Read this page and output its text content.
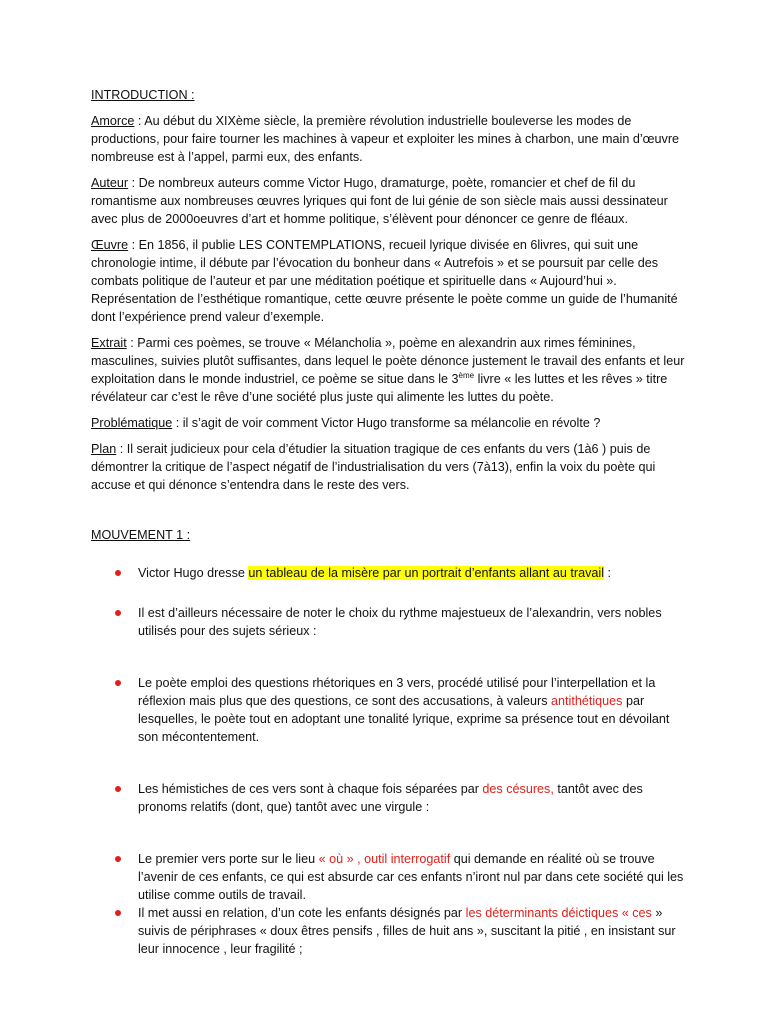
INTRODUCTION :

Amorce : Au début du XIXème siècle, la première révolution industrielle bouleverse les modes de productions, pour faire tourner les machines à vapeur et exploiter les mines à charbon, une main d’œuvre nombreuse est à l’appel, parmi eux, des enfants.

Auteur : De nombreux auteurs comme Victor Hugo, dramaturge, poète, romancier et chef de fil du romantisme aux nombreuses œuvres lyriques qui font de lui génie de son siècle mais aussi dessinateur avec plus de 2000oeuvres d’art et homme politique, s’élèvent pour dénoncer ce genre de fléaux.

Œuvre : En 1856, il publie LES CONTEMPLATIONS, recueil lyrique divisée en 6livres, qui suit une chronologie intime, il débute par l’évocation du bonheur dans « Autrefois » et se poursuit par celle des combats politique de l’auteur et par une méditation poétique et spirituelle dans « Aujourd’hui ». Représentation de l’esthétique romantique, cette œuvre présente le poète comme un guide de l’humanité dont l’expérience prend valeur d’exemple.

Extrait : Parmi ces poèmes, se trouve « Mélancholia », poème en alexandrin aux rimes féminines, masculines, suivies plutôt suffisantes, dans lequel le poète dénonce justement le travail des enfants et leur exploitation dans le monde industriel, ce poème se situe dans le 3ème livre « les luttes et les rêves » titre révélateur car c’est le rêve d’une société plus juste qui alimente les luttes du poète.

Problématique : il s’agit de voir comment Victor Hugo transforme sa mélancolie en révolte ?

Plan : Il serait judicieux pour cela d’étudier la situation tragique de ces enfants du vers (1à6 ) puis de démontrer la critique de l’aspect négatif de l’industrialisation du vers (7à13), enfin la voix du poète qui accuse et qui dénonce s’entendra dans le reste des vers.

MOUVEMENT 1 :
Victor Hugo dresse un tableau de la misère par un portrait d’enfants allant au travail :
Il est d’ailleurs nécessaire de noter le choix du rythme majestueux de l’alexandrin, vers nobles utilisés pour des sujets sérieux :
Le poète emploi des questions rhétoriques en 3 vers, procédé utilisé pour l’interpellation et la réflexion mais plus que des questions, ce sont des accusations, à valeurs antithétiques par lesquelles, le poète tout en adoptant une tonalité lyrique, exprime sa présence tout en dévoilant son mécontentement.
Les hémistiches de ces vers sont à chaque fois séparées par des césures, tantôt avec des pronoms relatifs (dont, que) tantôt avec une virgule :
Le premier vers porte sur le lieu « où » , outil interrogatif qui demande en réalité où se trouve l’avenir de ces enfants, ce qui est absurde car ces enfants n’iront nul par dans cete société qui les utilise comme outils de travail.
Il met aussi en relation, d’un cote les enfants désignés par les déterminants déictiques « ces » suivis de périphrases « doux êtres pensifs , filles de huit ans », suscitant la pitié , en insistant sur leur innocence , leur fragilité ;
